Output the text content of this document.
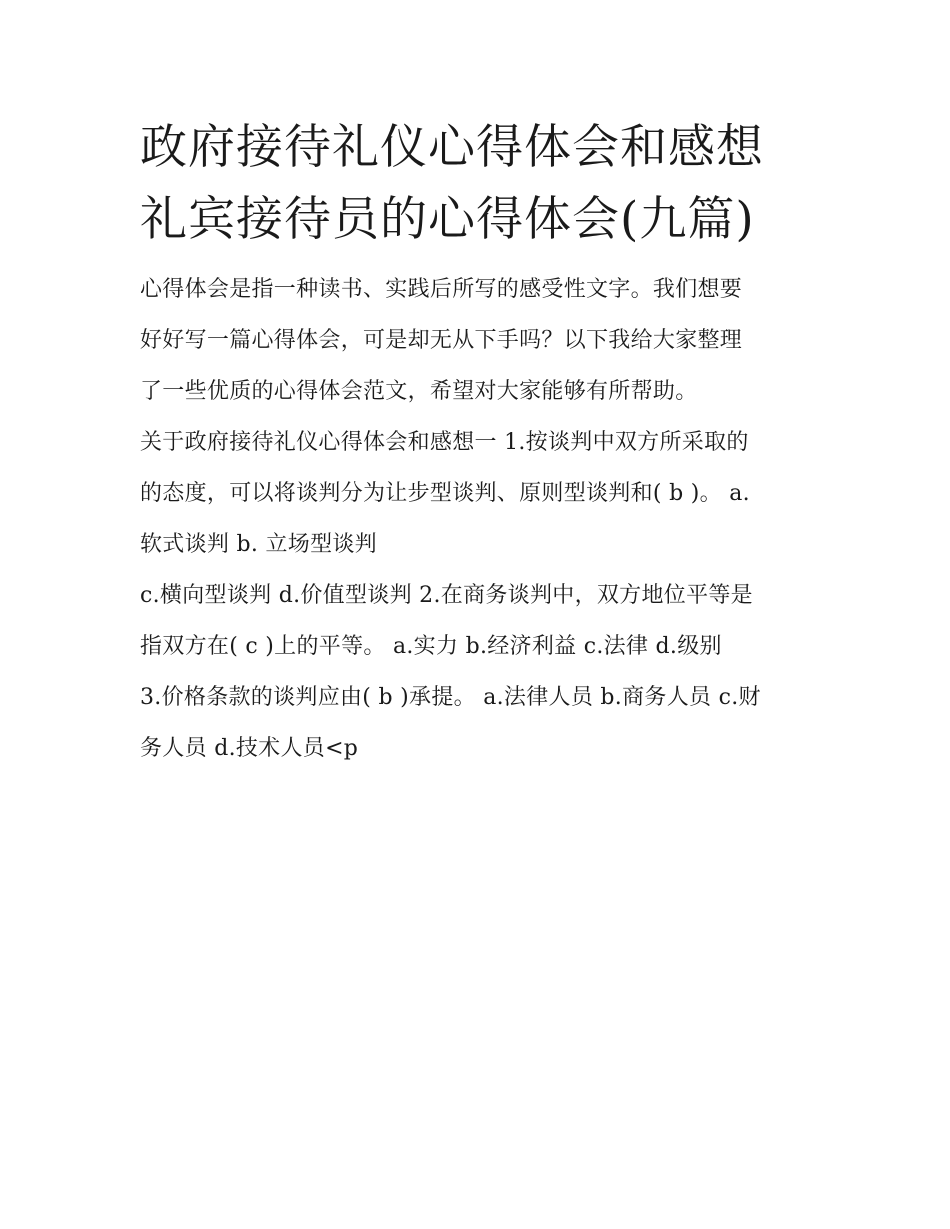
政府接待礼仪心得体会和感想
礼宾接待员的心得体会(九篇)

心得体会是指一种读书、实践后所写的感受性文字。我们想要
好好写一篇心得体会，可是却无从下手吗？以下我给大家整理
了一些优质的心得体会范文，希望对大家能够有所帮助。

关于政府接待礼仪心得体会和感想一 1.按谈判中双方所采取的
的态度，可以将谈判分为让步型谈判、原则型谈判和( b )。 a.
软式谈判 b. 立场型谈判

c.横向型谈判 d.价值型谈判 2.在商务谈判中，双方地位平等是
指双方在( c )上的平等。 a.实力 b.经济利益 c.法律 d.级别
3.价格条款的谈判应由( b )承提。 a.法律人员 b.商务人员 c.财
务人员 d.技术人员<p
